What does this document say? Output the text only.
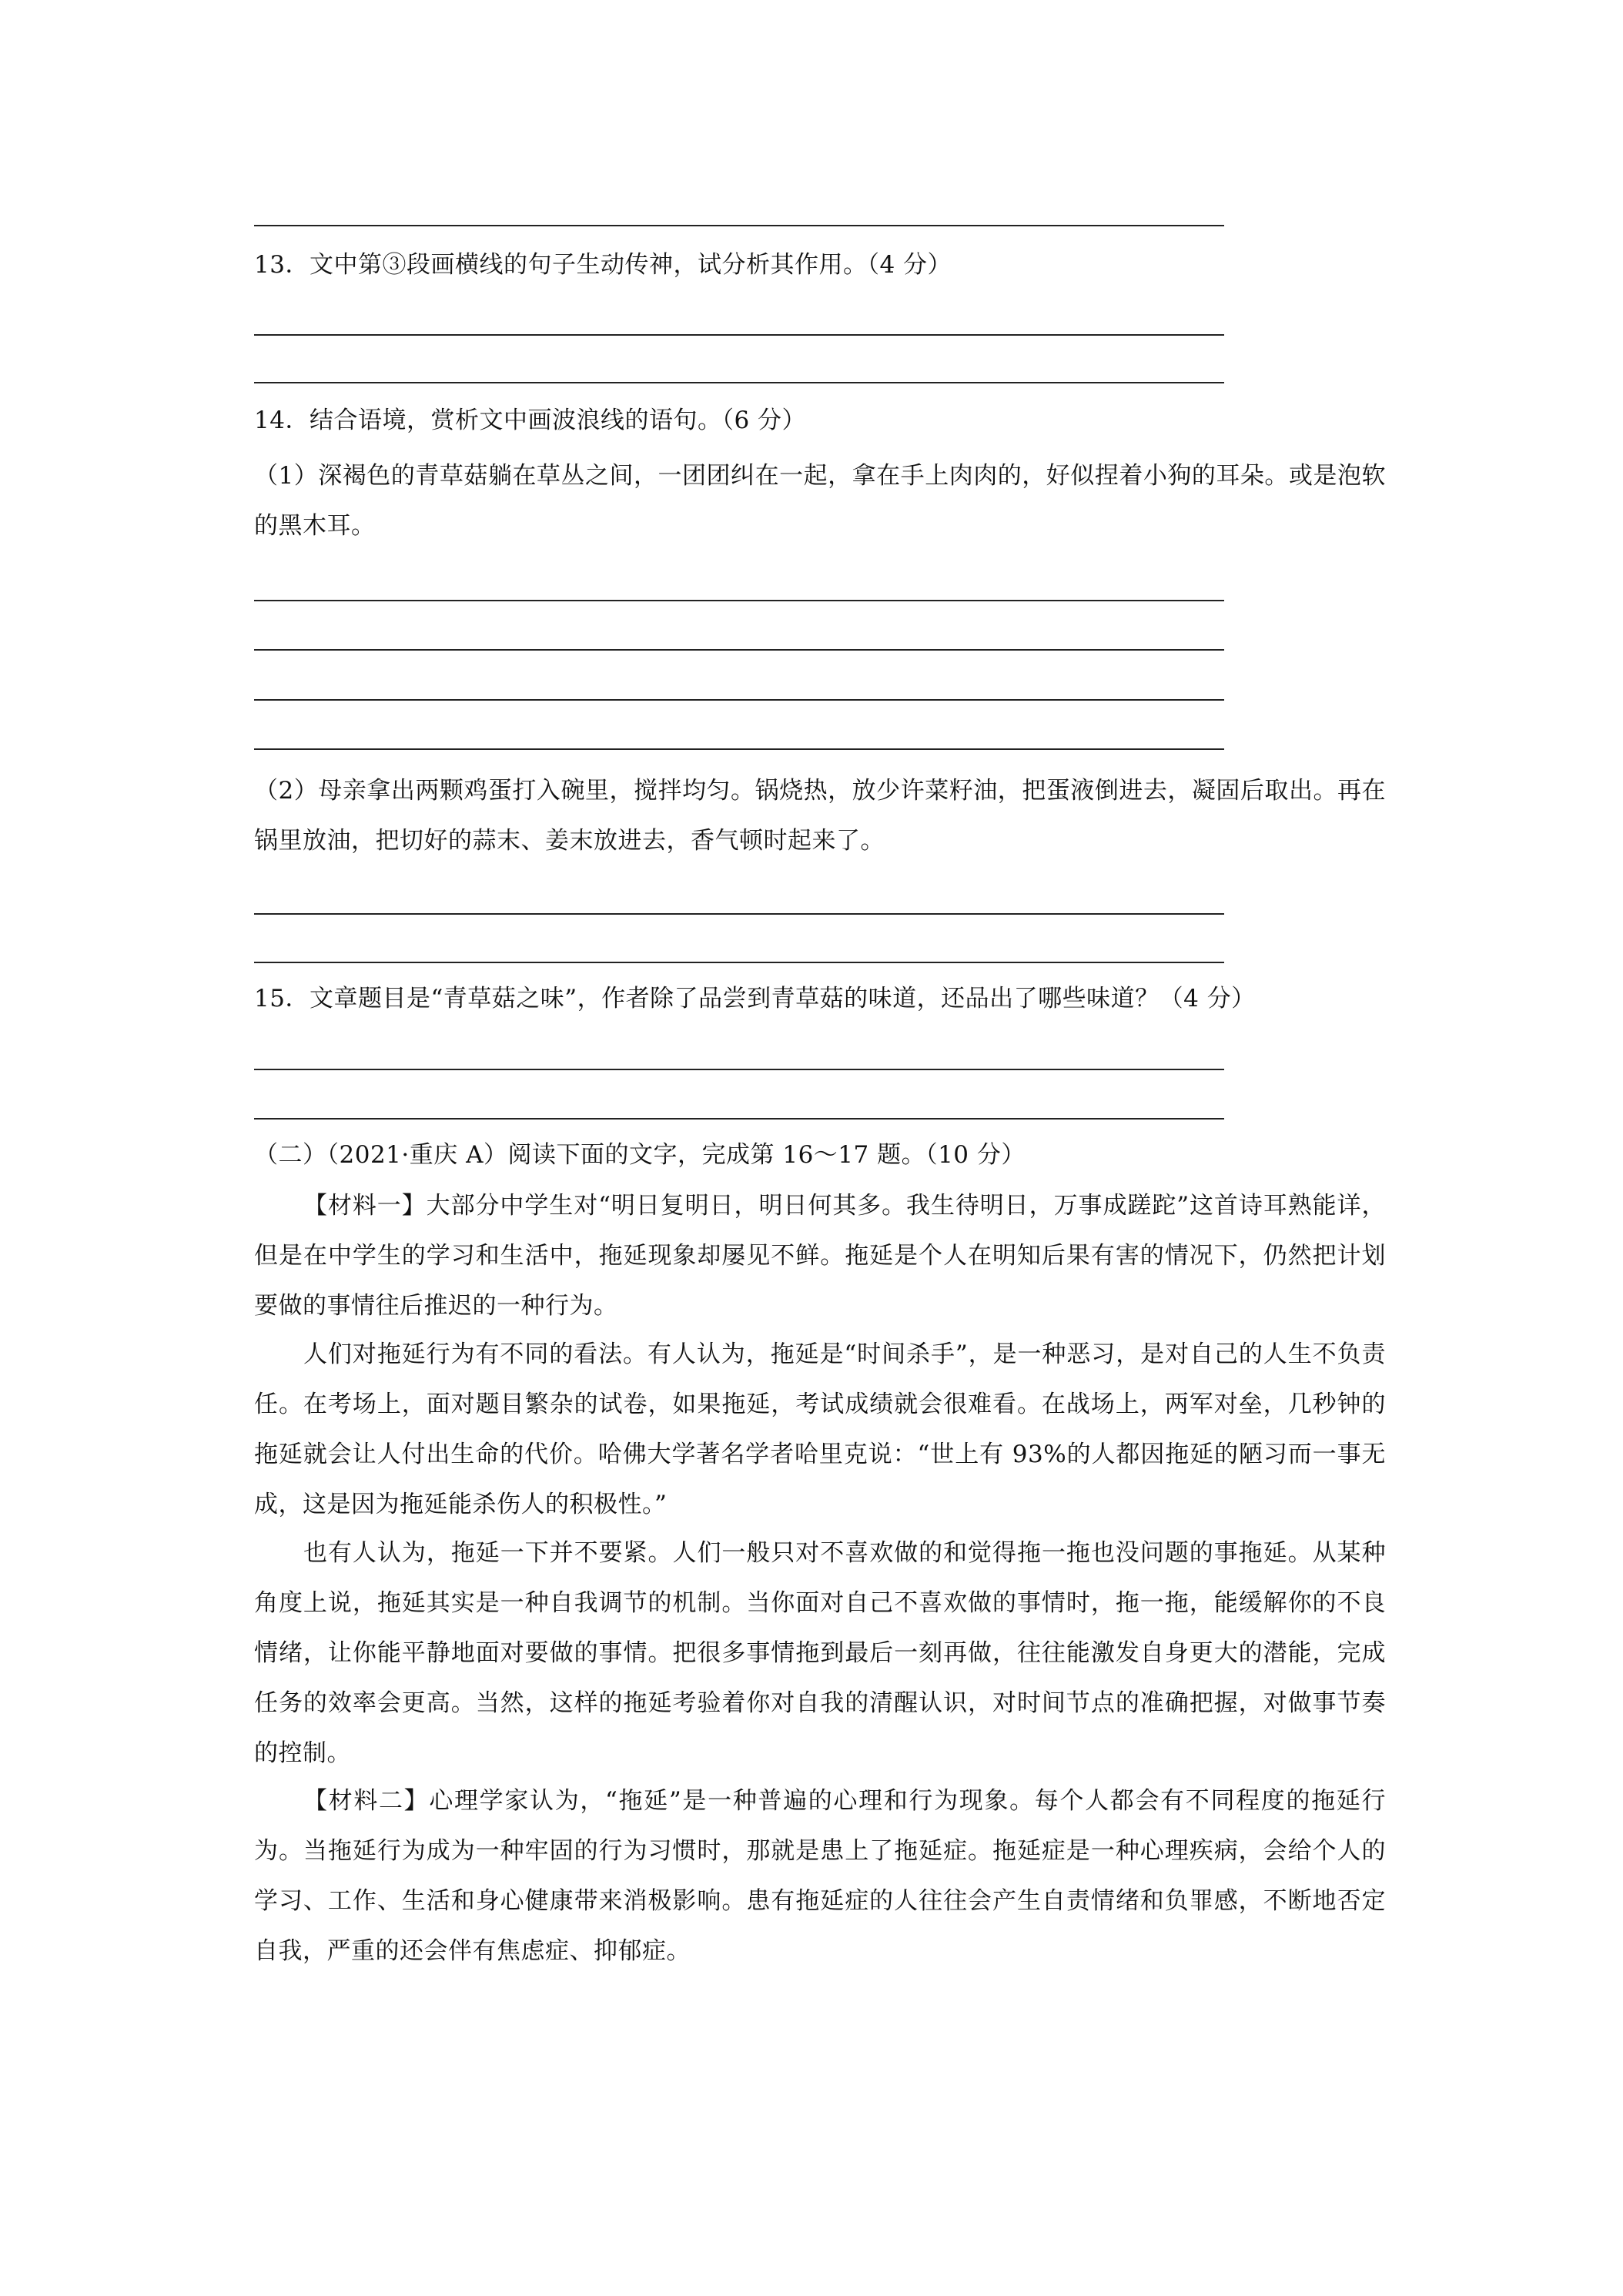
13．文中第③段画横线的句子生动传神，试分析其作用。（4 分）
14．结合语境，赏析文中画波浪线的语句。（6 分）
（1）深褐色的青草菇躺在草丛之间，一团团纠在一起，拿在手上肉肉的，好似捏着小狗的耳朵。或是泡软的黑木耳。
（2）母亲拿出两颗鸡蛋打入碗里，搅拌均匀。锅烧热，放少许菜籽油，把蛋液倒进去，凝固后取出。再在锅里放油，把切好的蒜末、姜末放进去，香气顿时起来了。
15．文章题目是“青草菇之味”，作者除了品尝到青草菇的味道，还品出了哪些味道？（4 分）
（二）（2021·重庆 A）阅读下面的文字，完成第 16～17 题。（10 分）
【材料一】大部分中学生对“明日复明日，明日何其多。我生待明日，万事成蹉跎”这首诗耳熟能详，但是在中学生的学习和生活中，拖延现象却屡见不鲜。拖延是个人在明知后果有害的情况下，仍然把计划要做的事情往后推迟的一种行为。
人们对拖延行为有不同的看法。有人认为，拖延是“时间杀手”，是一种恶习，是对自己的人生不负责任。在考场上，面对题目繁杂的试卷，如果拖延，考试成绩就会很难看。在战场上，两军对垒，几秒钟的拖延就会让人付出生命的代价。哈佛大学著名学者哈里克说：“世上有 93%的人都因拖延的陋习而一事无成，这是因为拖延能杀伤人的积极性。”
也有人认为，拖延一下并不要紧。人们一般只对不喜欢做的和觉得拖一拖也没问题的事拖延。从某种角度上说，拖延其实是一种自我调节的机制。当你面对自己不喜欢做的事情时，拖一拖，能缓解你的不良情绪，让你能平静地面对要做的事情。把很多事情拖到最后一刻再做，往往能激发自身更大的潜能，完成任务的效率会更高。当然，这样的拖延考验着你对自我的清醒认识，对时间节点的准确把握，对做事节奏的控制。
【材料二】心理学家认为，“拖延”是一种普遍的心理和行为现象。每个人都会有不同程度的拖延行为。当拖延行为成为一种牢固的行为习惯时，那就是患上了拖延症。拖延症是一种心理疾病，会给个人的学习、工作、生活和身心健康带来消极影响。患有拖延症的人往往会产生自责情绪和负罪感，不断地否定自我，严重的还会伴有焦虑症、抑郁症。
